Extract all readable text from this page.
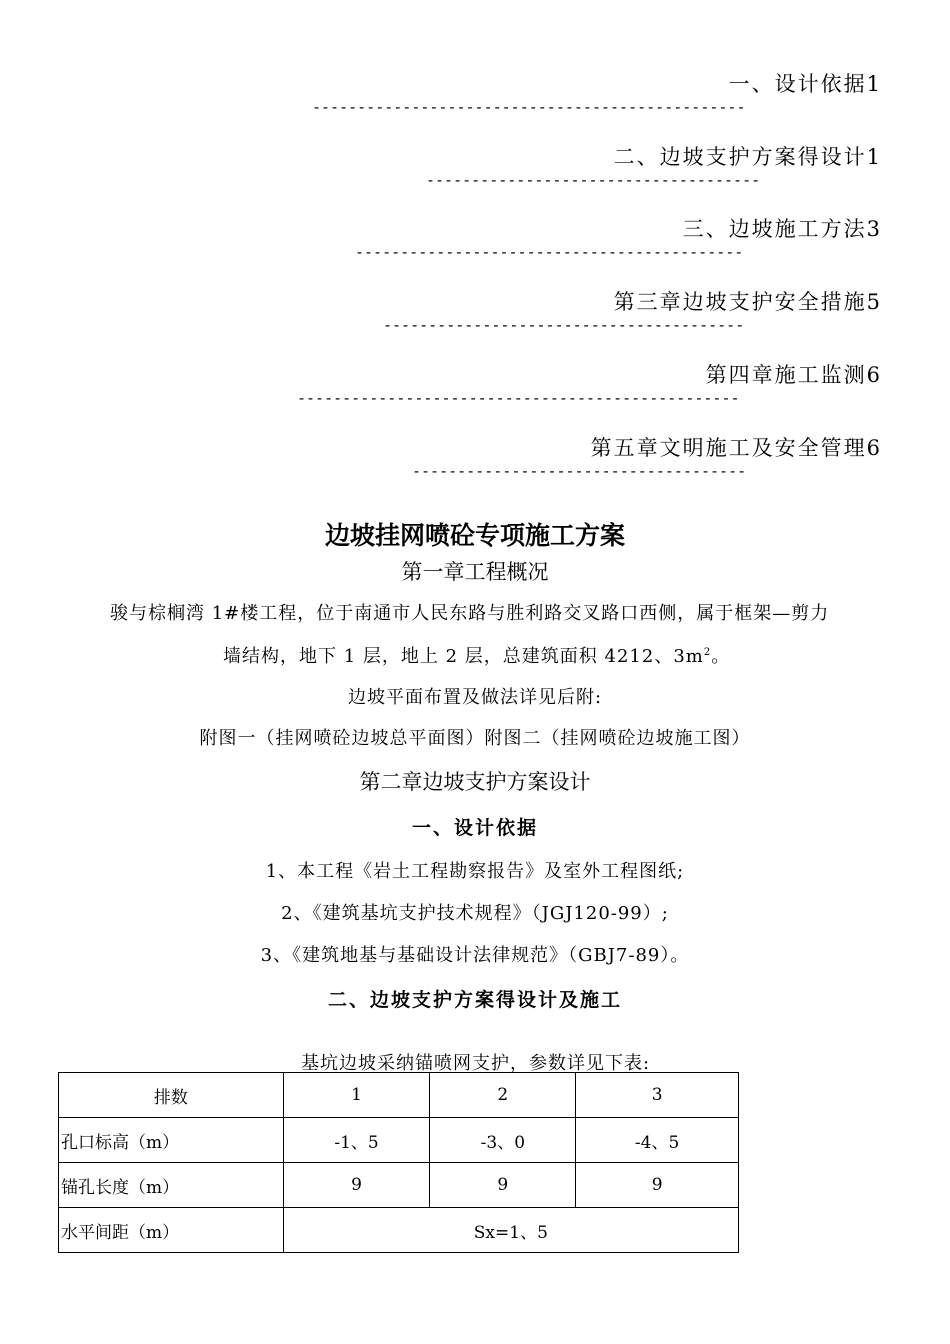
一、设计依据1
------------------------------------------------
二、边坡支护方案得设计1
-------------------------------------
三、边坡施工方法3
-------------------------------------------
第三章边坡支护安全措施5
----------------------------------------
第四章施工监测6
-------------------------------------------------
第五章文明施工及安全管理6
-------------------------------------
边坡挂网喷砼专项施工方案
第一章工程概况
骏与棕榈湾 1#楼工程，位于南通市人民东路与胜利路交叉路口西侧，属于框架—剪力
墙结构，地下 1 层，地上 2 层，总建筑面积 4212、$3m^2$。
边坡平面布置及做法详见后附:
附图一（挂网喷砼边坡总平面图）附图二（挂网喷砼边坡施工图）
第二章边坡支护方案设计
一、设计依据
1、本工程《岩土工程勘察报告》及室外工程图纸;
2、《建筑基坑支护技术规程》（JGJ120-99）;
3、《建筑地基与基础设计法律规范》（GBJ7-89）。
二、边坡支护方案得设计及施工
基坑边坡采纳锚喷网支护，参数详见下表:
排数	1	2	3
孔口标高（m）	-1、5	-3、0	-4、5
锚孔长度（m）	9	9	9
水平间距（m）	Sx=1、5		
